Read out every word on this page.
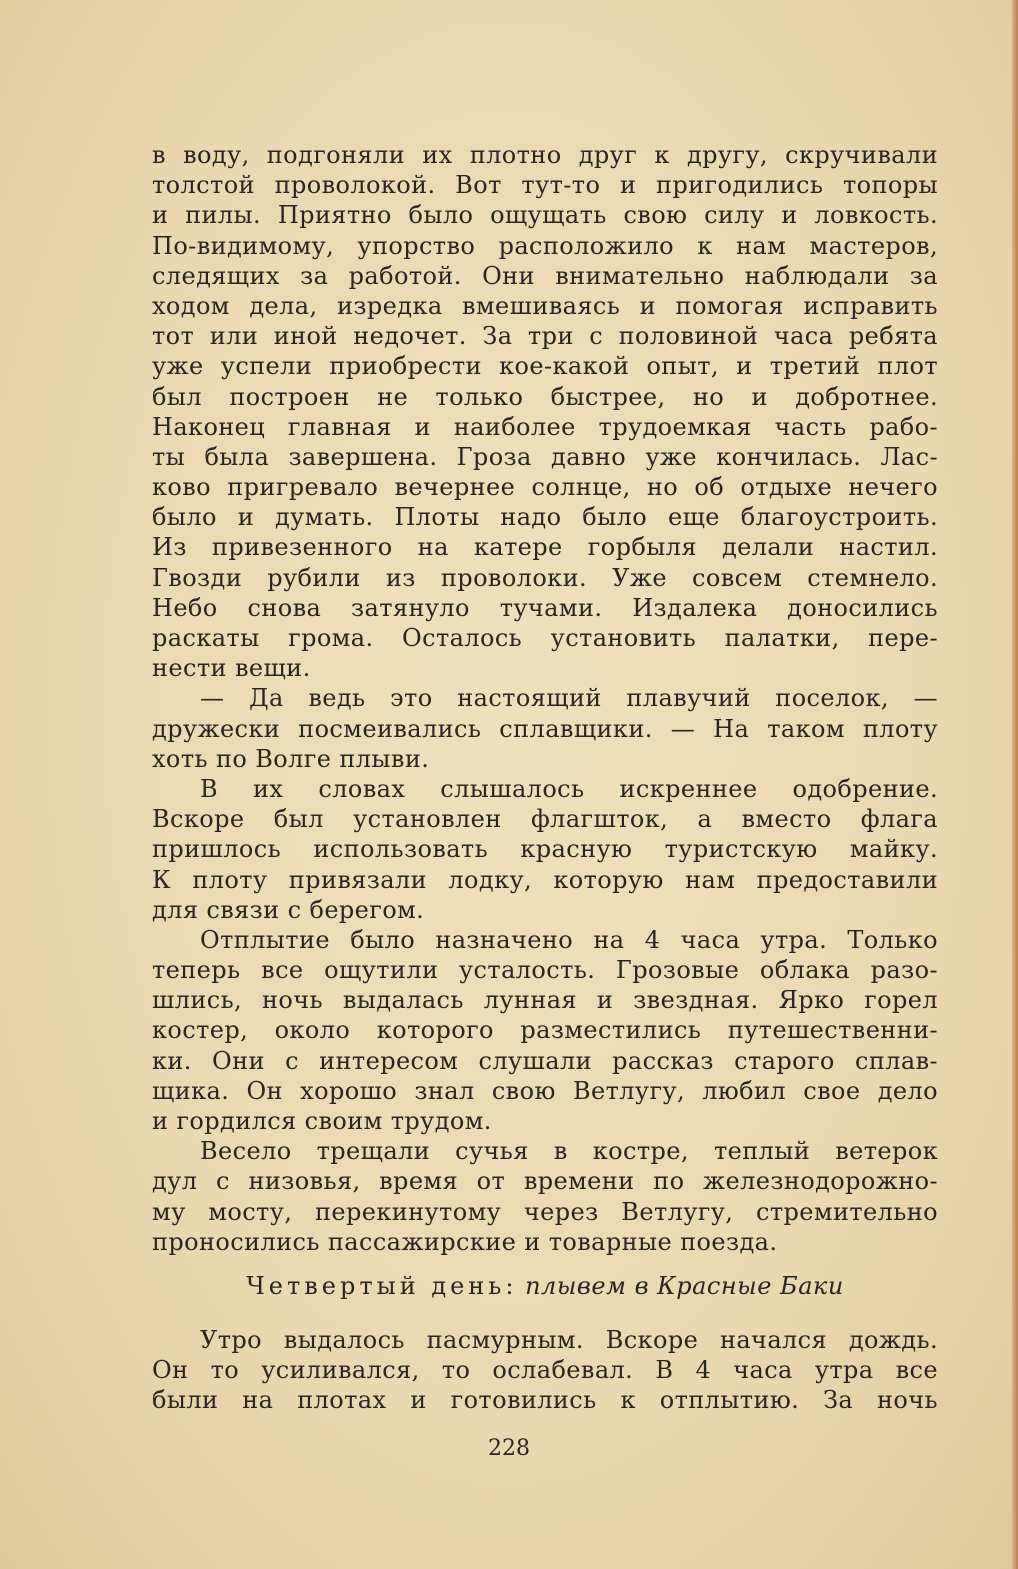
в воду, подгоняли их плотно друг к другу, скручивали
толстой проволокой. Вот тут-то и пригодились топоры
и пилы. Приятно было ощущать свою силу и ловкость.
По-видимому, упорство расположило к нам мастеров,
следящих за работой. Они внимательно наблюдали за
ходом дела, изредка вмешиваясь и помогая исправить
тот или иной недочет. За три с половиной часа ребята
уже успели приобрести кое-какой опыт, и третий плот
был построен не только быстрее, но и добротнее.
Наконец главная и наиболее трудоемкая часть рабо-
ты была завершена. Гроза давно уже кончилась. Лас-
ково пригревало вечернее солнце, но об отдыхе нечего
было и думать. Плоты надо было еще благоустроить.
Из привезенного на катере горбыля делали настил.
Гвозди рубили из проволоки. Уже совсем стемнело.
Небо снова затянуло тучами. Издалека доносились
раскаты грома. Осталось установить палатки, пере-
нести вещи.
— Да ведь это настоящий плавучий поселок, —
дружески посмеивались сплавщики. — На таком плоту
хоть по Волге плыви.
В их словах слышалось искреннее одобрение.
Вскоре был установлен флагшток, а вместо флага
пришлось использовать красную туристскую майку.
К плоту привязали лодку, которую нам предоставили
для связи с берегом.
Отплытие было назначено на 4 часа утра. Только
теперь все ощутили усталость. Грозовые облака разо-
шлись, ночь выдалась лунная и звездная. Ярко горел
костер, около которого разместились путешественни-
ки. Они с интересом слушали рассказ старого сплав-
щика. Он хорошо знал свою Ветлугу, любил свое дело
и гордился своим трудом.
Весело трещали сучья в костре, теплый ветерок
дул с низовья, время от времени по железнодорожно-
му мосту, перекинутому через Ветлугу, стремительно
проносились пассажирские и товарные поезда.
Четвертый день: плывем в Красные Баки
Утро выдалось пасмурным. Вскоре начался дождь.
Он то усиливался, то ослабевал. В 4 часа утра все
были на плотах и готовились к отплытию. За ночь
228
